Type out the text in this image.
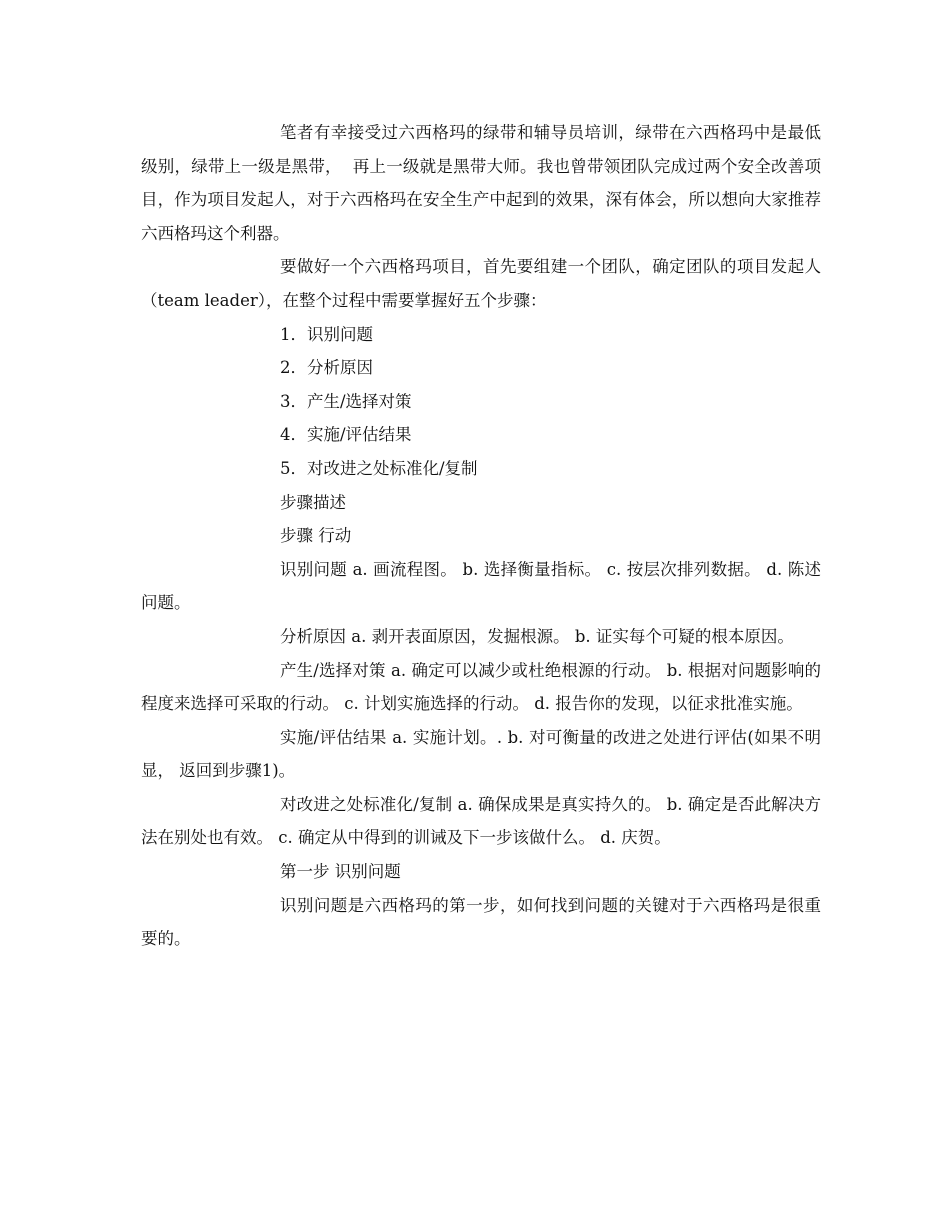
笔者有幸接受过六西格玛的绿带和辅导员培训，绿带在六西格玛中是最低级别，绿带上一级是黑带，  再上一级就是黑带大师。我也曾带领团队完成过两个安全改善项目，作为项目发起人，对于六西格玛在安全生产中起到的效果，深有体会，所以想向大家推荐六西格玛这个利器。

要做好一个六西格玛项目，首先要组建一个团队，确定团队的项目发起人（team leader），在整个过程中需要掌握好五个步骤：

1．识别问题

2．分析原因

3．产生/选择对策

4．实施/评估结果

5．对改进之处标准化/复制

步骤描述

步骤 行动

识别问题 a. 画流程图。 b. 选择衡量指标。 c. 按层次排列数据。 d. 陈述问题。

分析原因 a. 剥开表面原因，发掘根源。 b. 证实每个可疑的根本原因。

产生/选择对策 a. 确定可以减少或杜绝根源的行动。 b. 根据对问题影响的程度来选择可采取的行动。 c. 计划实施选择的行动。 d. 报告你的发现，以征求批准实施。

实施/评估结果 a. 实施计划。. b. 对可衡量的改进之处进行评估(如果不明显， 返回到步骤1)。

对改进之处标准化/复制 a. 确保成果是真实持久的。 b. 确定是否此解决方法在别处也有效。 c. 确定从中得到的训诫及下一步该做什么。 d. 庆贺。

第一步 识别问题

识别问题是六西格玛的第一步，如何找到问题的关键对于六西格玛是很重要的。
